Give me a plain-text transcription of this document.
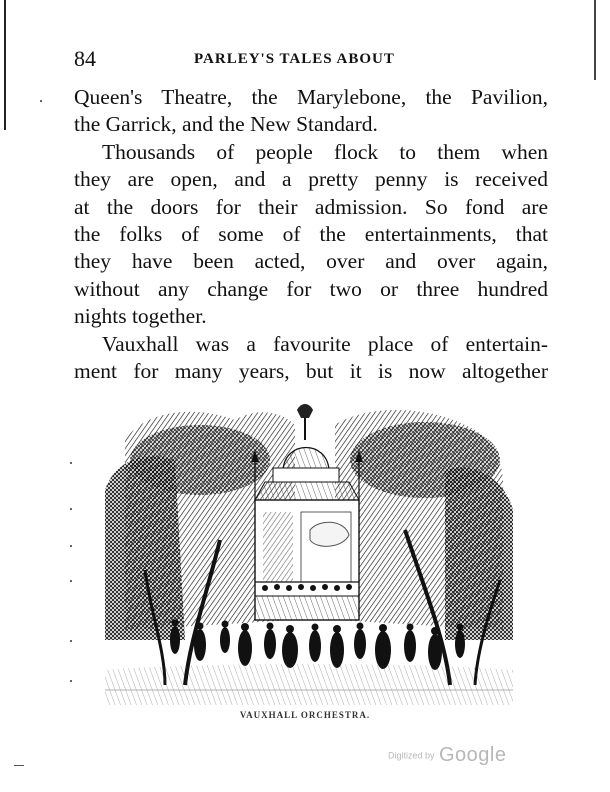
84	PARLEY'S TALES ABOUT
Queen's Theatre, the Marylebone, the Pavilion,
the Garrick, and the New Standard.
Thousands of people flock to them when
they are open, and a pretty penny is received
at the doors for their admission. So fond are
the folks of some of the entertainments, that
they have been acted, over and over again,
without any change for two or three hundred
nights together.
Vauxhall was a favourite place of entertain-
ment for many years, but it is now altogether
VAUXHALL ORCHESTRA.
Digitized by Google
